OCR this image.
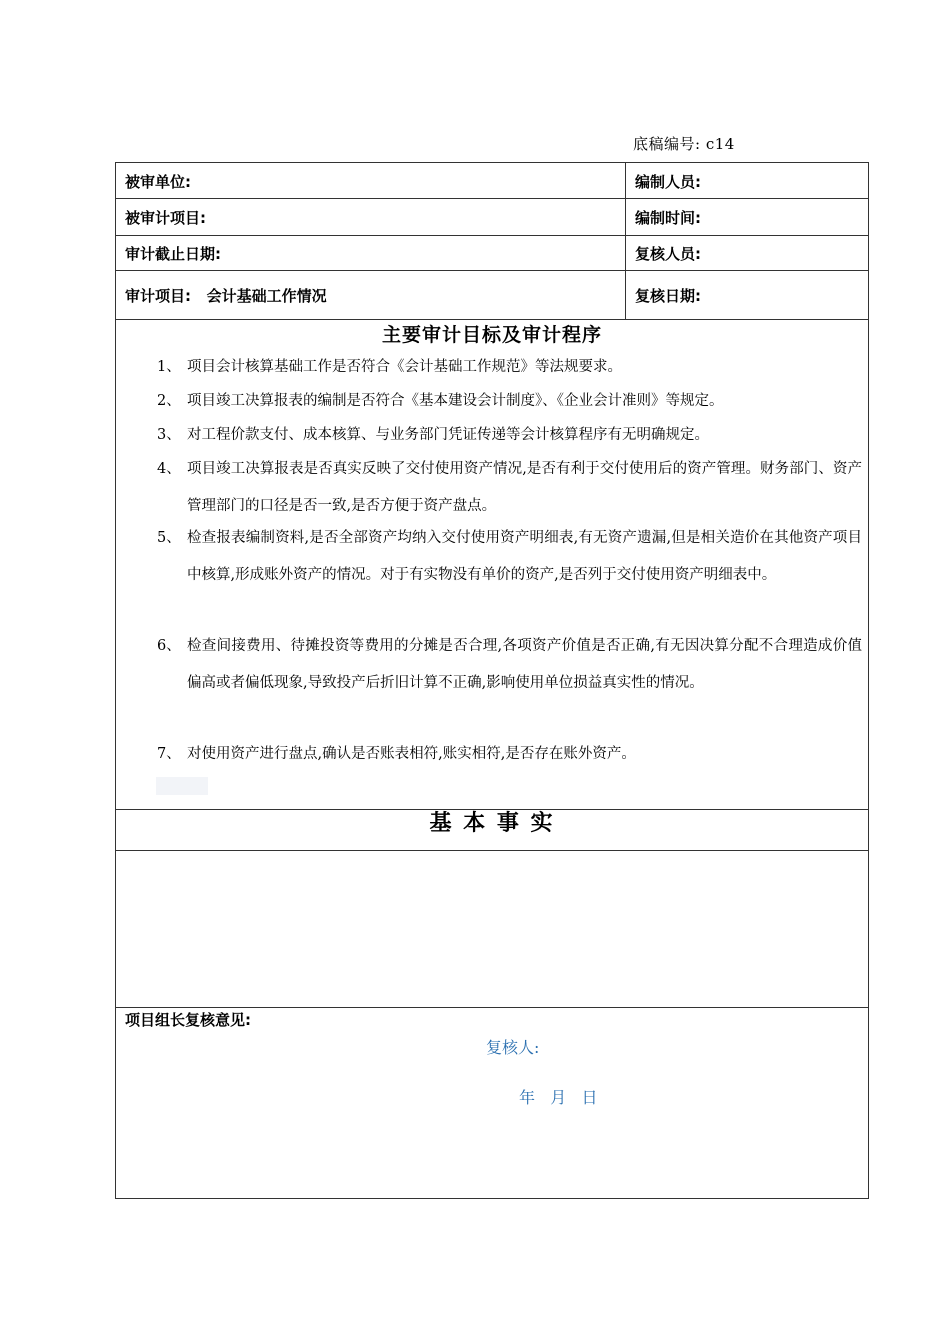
底稿编号: c14
被审单位:	编制人员:
被审计项目:	编制时间:
审计截止日期:	复核人员:
审计项目:   会计基础工作情况	复核日期:
主要审计目标及审计程序
1、 项目会计核算基础工作是否符合《会计基础工作规范》等法规要求。
2、 项目竣工决算报表的编制是否符合《基本建设会计制度》、《企业会计准则》等规定。
3、 对工程价款支付、成本核算、与业务部门凭证传递等会计核算程序有无明确规定。
4、 项目竣工决算报表是否真实反映了交付使用资产情况,是否有利于交付使用后的资产管理。财务部门、资产管理部门的口径是否一致,是否方便于资产盘点。
5、 检查报表编制资料,是否全部资产均纳入交付使用资产明细表,有无资产遗漏,但是相关造价在其他资产项目中核算,形成账外资产的情况。对于有实物没有单价的资产,是否列于交付使用资产明细表中。
6、 检查间接费用、待摊投资等费用的分摊是否合理,各项资产价值是否正确,有无因决算分配不合理造成价值偏高或者偏低现象,导致投产后折旧计算不正确,影响使用单位损益真实性的情况。
7、 对使用资产进行盘点,确认是否账表相符,账实相符,是否存在账外资产。
基 本 事 实
项目组长复核意见:
复核人:
年   月   日
